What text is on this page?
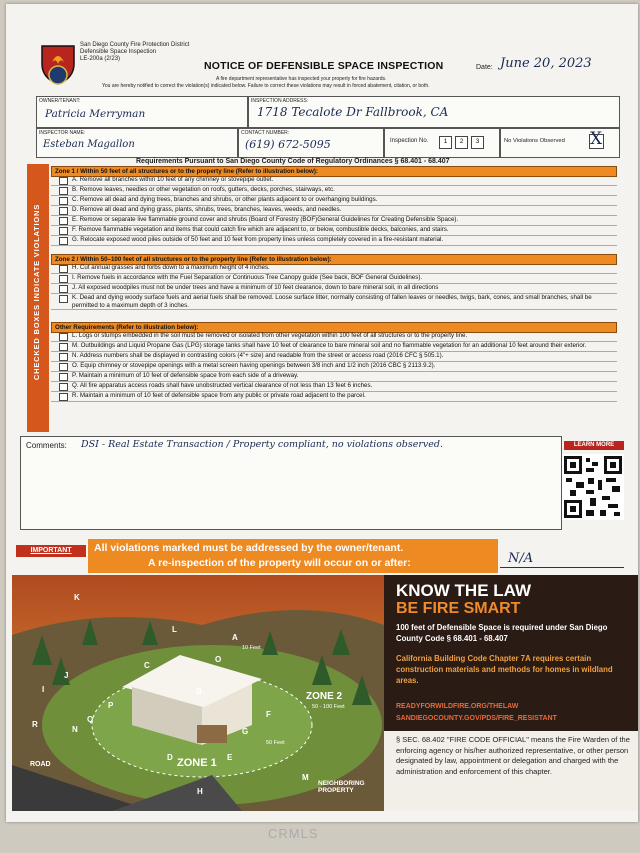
San Diego County Fire Protection District
Defensible Space Inspection
LE-200a (2/23)
NOTICE OF DEFENSIBLE SPACE INSPECTION	Date: June 20, 2023
A fire department representative has inspected your property for fire hazards.
You are hereby notified to correct the violation(s) indicated below. Failure to correct these violations may result in forced abatement, citation, or both.
OWNER/TENANT:
Patricia Merryman
INSPECTION ADDRESS:
1718 Tecalote Dr Fallbrook, CA
INSPECTOR NAME:
Esteban Magallon
CONTACT NUMBER:
(619) 672-5095	Inspection No.	1	2	3	No Violations Observed X
Requirements Pursuant to San Diego County Code of Regulatory Ordinances § 68.401 - 68.407
CHECKED BOXES INDICATE VIOLATIONS
Zone 1 / Within 50 feet of all structures or to the property line (Refer to illustration below):
A. Remove all branches within 10 feet of any chimney or stovepipe outlet.
B. Remove leaves, needles or other vegetation on roofs, gutters, decks, porches, stairways, etc.
C. Remove all dead and dying trees, branches and shrubs, or other plants adjacent to or overhanging buildings.
D. Remove all dead and dying grass, plants, shrubs, trees, branches, leaves, weeds, and needles.
E. Remove or separate live flammable ground cover and shrubs (Board of Forestry (BOF)General Guidelines for Creating Defensible Space).
F. Remove flammable vegetation and items that could catch fire which are adjacent to, or below, combustible decks, balconies, and stairs.
G. Relocate exposed wood piles outside of 50 feet and 10 feet from property lines unless completely covered in a fire-resistant material.
Zone 2 / Within 50–100 feet of all structures or to the property line (Refer to illustration below):
H. Cut annual grasses and forbs down to a maximum height of 4 inches.
I. Remove fuels in accordance with the Fuel Separation or Continuous Tree Canopy guide (See back, BOF General Guidelines).
J. All exposed woodpiles must not be under trees and have a minimum of 10 feet clearance, down to bare mineral soil, in all directions
K. Dead and dying woody surface fuels and aerial fuels shall be removed. Loose surface litter, normally consisting of fallen leaves or needles, twigs, bark, cones, and small branches, shall be permitted to a maximum depth of 3 inches.
Other Requirements (Refer to illustration below):
L. Logs or stumps embedded in the soil must be removed or isolated from other vegetation within 100 feet of all structures or to the property line.
M. Outbuildings and Liquid Propane Gas (LPG) storage tanks shall have 10 feet of clearance to bare mineral soil and no flammable vegetation for an additional 10 feet around their exterior.
N. Address numbers shall be displayed in contrasting colors (4"+ size) and readable from the street or access road (2016 CFC § 505.1).
O. Equip chimney or stovepipe openings with a metal screen having openings between 3/8 inch and 1/2 inch (2016 CBC § 2113.9.2).
P. Maintain a minimum of 10 feet of defensible space from each side of a driveway.
Q. All fire apparatus access roads shall have unobstructed vertical clearance of not less than 13 feet 6 inches.
R. Maintain a minimum of 10 feet of defensible space from any public or private road adjacent to the parcel.
Comments: DSI - Real Estate Transaction / Property compliant, no violations observed.	LEARN MORE
IMPORTANT	All violations marked must be addressed by the owner/tenant.
A re-inspection of the property will occur on or after:	N/A
K
A
B
C
D	E
F
G
H
I
J
L
M
N
O
P
Q
R
ZONE 1
ZONE 2
50 - 100 Feet
10 Feet
50 Feet
ROAD
NEIGHBORING PROPERTY
KNOW THE LAW
BE FIRE SMART
100 feet of Defensible Space is required under San Diego County Code § 68.401 - 68.407
California Building Code Chapter 7A requires certain construction materials and methods for homes in wildland areas.
READYFORWILDFIRE.ORG/THELAW
SANDIEGOCOUNTY.GOV/PDS/FIRE_RESISTANT
§ SEC. 68.402 "FIRE CODE OFFICIAL" means the Fire Warden of the enforcing agency or his/her authorized representative, or other person designated by law, appointment or delegation and charged with the administration and enforcement of this chapter.
CRMLS
